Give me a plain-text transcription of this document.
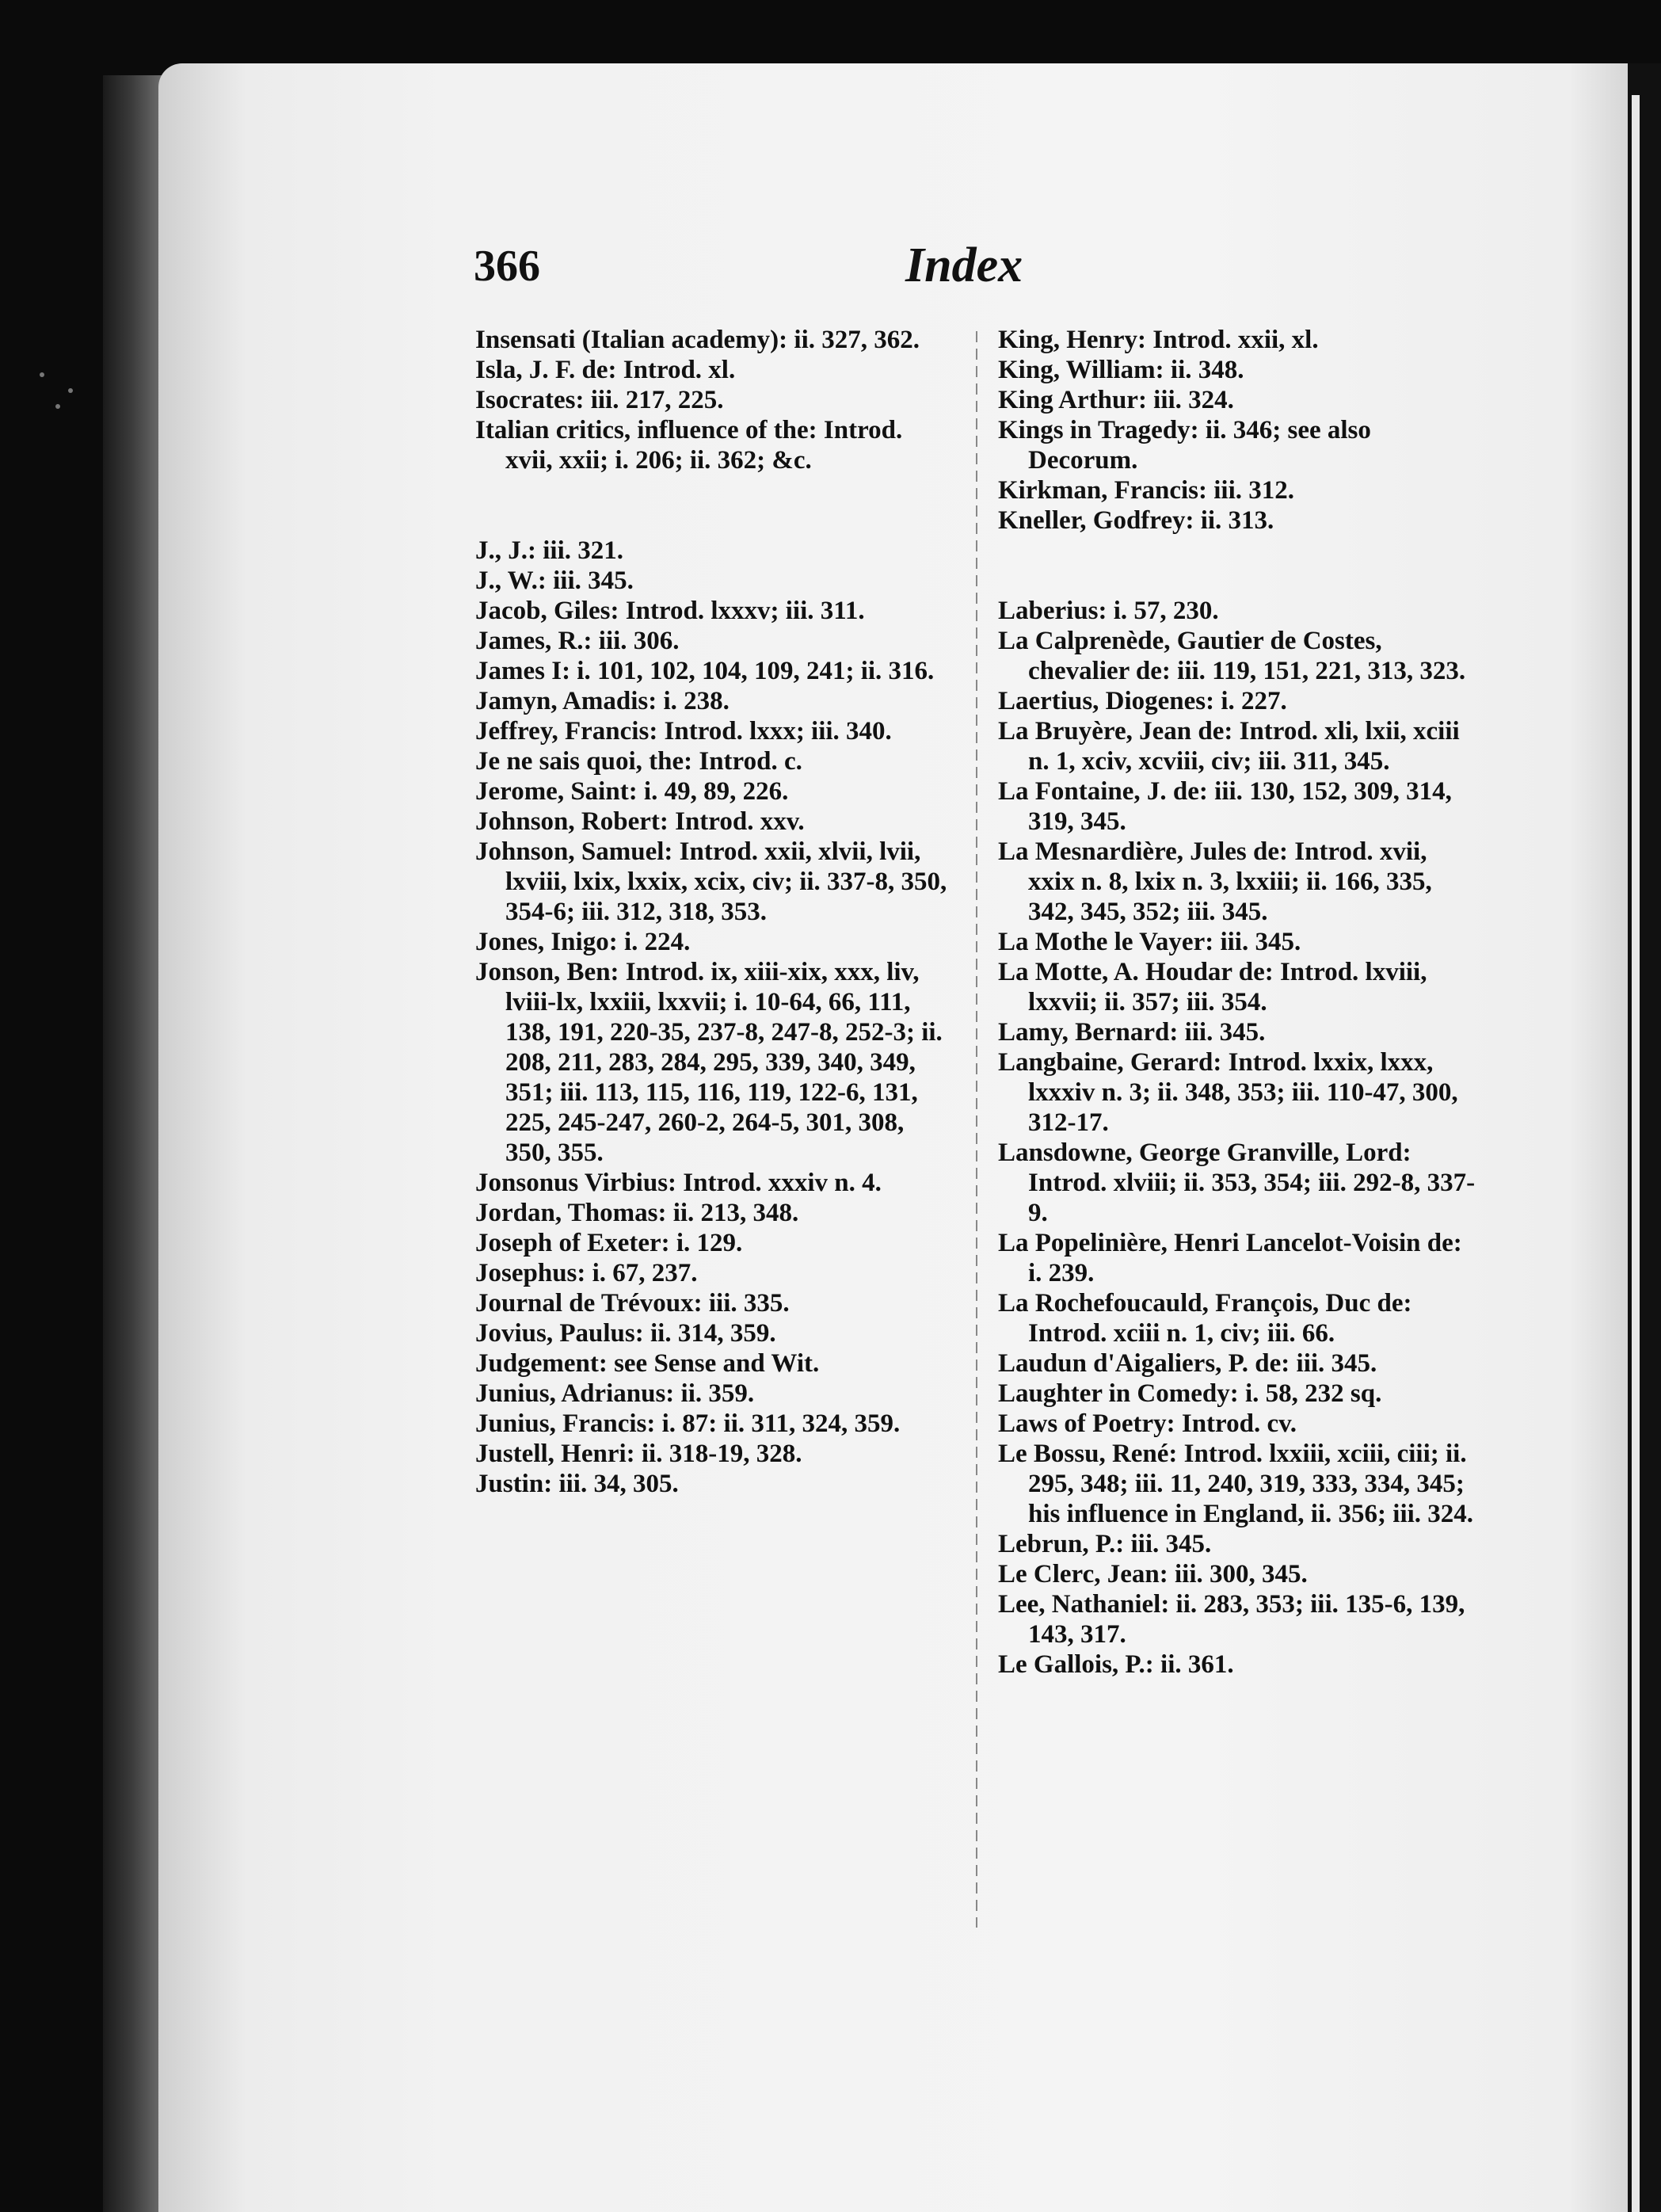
366	Index

Insensati (Italian academy): ii. 327, 362.

Isla, J. F. de: Introd. xl.

Isocrates: iii. 217, 225.

Italian critics, influence of the: Introd. xvii, xxii; i. 206; ii. 362; &c.

J., J.: iii. 321.

J., W.: iii. 345.

Jacob, Giles: Introd. lxxxv; iii. 311.

James, R.: iii. 306.

James I: i. 101, 102, 104, 109, 241; ii. 316.

Jamyn, Amadis: i. 238.

Jeffrey, Francis: Introd. lxxx; iii. 340.

Je ne sais quoi, the: Introd. c.

Jerome, Saint: i. 49, 89, 226.

Johnson, Robert: Introd. xxv.

Johnson, Samuel: Introd. xxii, xlvii, lvii, lxviii, lxix, lxxix, xcix, civ; ii. 337-8, 350, 354-6; iii. 312, 318, 353.

Jones, Inigo: i. 224.

Jonson, Ben: Introd. ix, xiii-xix, xxx, liv, lviii-lx, lxxiii, lxxvii; i. 10-64, 66, 111, 138, 191, 220-35, 237-8, 247-8, 252-3; ii. 208, 211, 283, 284, 295, 339, 340, 349, 351; iii. 113, 115, 116, 119, 122-6, 131, 225, 245-247, 260-2, 264-5, 301, 308, 350, 355.

Jonsonus Virbius: Introd. xxxiv n. 4.

Jordan, Thomas: ii. 213, 348.

Joseph of Exeter: i. 129.

Josephus: i. 67, 237.

Journal de Trévoux: iii. 335.

Jovius, Paulus: ii. 314, 359.

Judgement: see Sense and Wit.

Junius, Adrianus: ii. 359.

Junius, Francis: i. 87: ii. 311, 324, 359.

Justell, Henri: ii. 318-19, 328.

Justin: iii. 34, 305.

King, Henry: Introd. xxii, xl.

King, William: ii. 348.

King Arthur: iii. 324.

Kings in Tragedy: ii. 346; see also Decorum.

Kirkman, Francis: iii. 312.

Kneller, Godfrey: ii. 313.

Laberius: i. 57, 230.

La Calprenède, Gautier de Costes, chevalier de: iii. 119, 151, 221, 313, 323.

Laertius, Diogenes: i. 227.

La Bruyère, Jean de: Introd. xli, lxii, xciii n. 1, xciv, xcviii, civ; iii. 311, 345.

La Fontaine, J. de: iii. 130, 152, 309, 314, 319, 345.

La Mesnardière, Jules de: Introd. xvii, xxix n. 8, lxix n. 3, lxxiii; ii. 166, 335, 342, 345, 352; iii. 345.

La Mothe le Vayer: iii. 345.

La Motte, A. Houdar de: Introd. lxviii, lxxvii; ii. 357; iii. 354.

Lamy, Bernard: iii. 345.

Langbaine, Gerard: Introd. lxxix, lxxx, lxxxiv n. 3; ii. 348, 353; iii. 110-47, 300, 312-17.

Lansdowne, George Granville, Lord: Introd. xlviii; ii. 353, 354; iii. 292-8, 337-9.

La Popelinière, Henri Lancelot-Voisin de: i. 239.

La Rochefoucauld, François, Duc de: Introd. xciii n. 1, civ; iii. 66.

Laudun d'Aigaliers, P. de: iii. 345.

Laughter in Comedy: i. 58, 232 sq.

Laws of Poetry: Introd. cv.

Le Bossu, René: Introd. lxxiii, xciii, ciii; ii. 295, 348; iii. 11, 240, 319, 333, 334, 345; his influence in England, ii. 356; iii. 324.

Lebrun, P.: iii. 345.

Le Clerc, Jean: iii. 300, 345.

Lee, Nathaniel: ii. 283, 353; iii. 135-6, 139, 143, 317.

Le Gallois, P.: ii. 361.
